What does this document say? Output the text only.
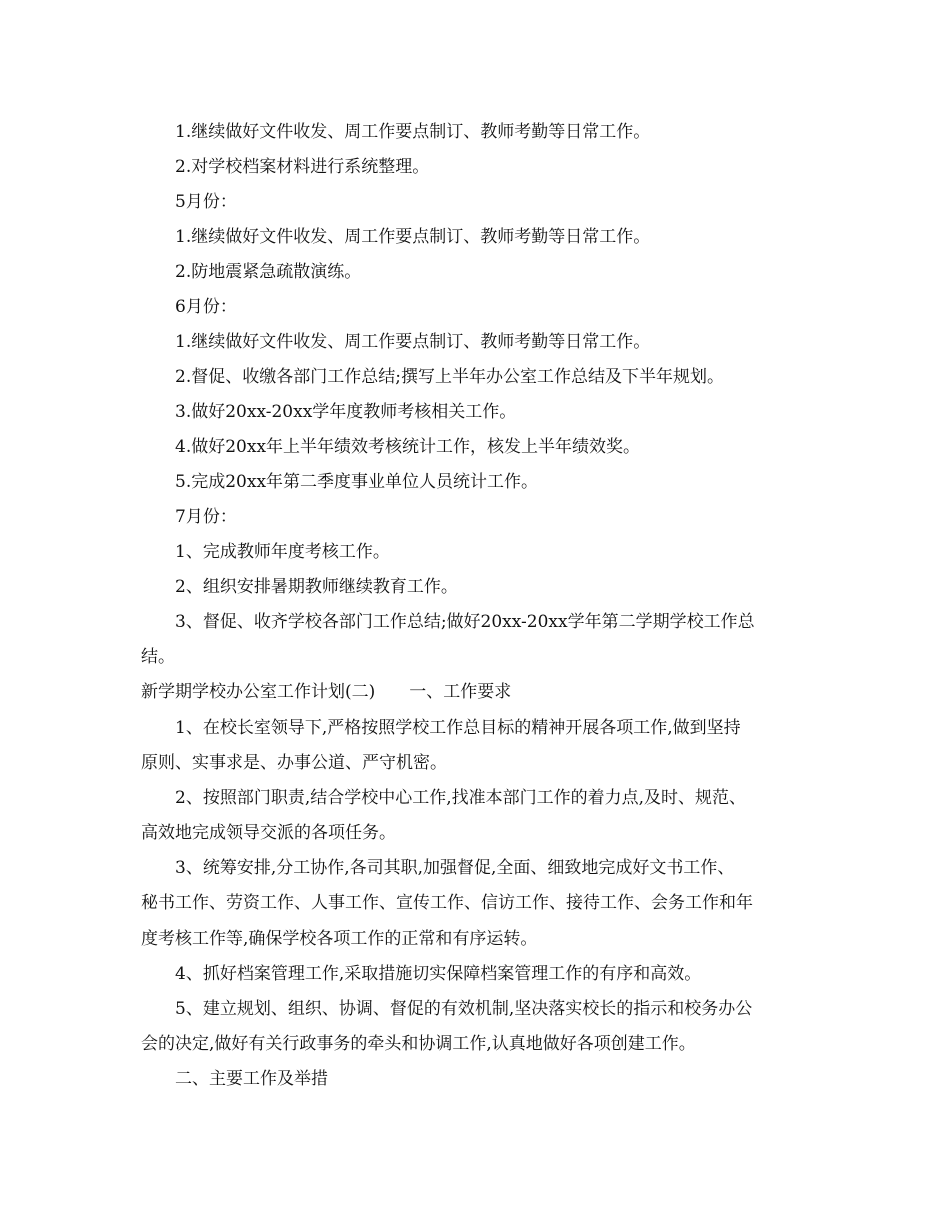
1.继续做好文件收发、周工作要点制订、教师考勤等日常工作。

2.对学校档案材料进行系统整理。

5月份：

1.继续做好文件收发、周工作要点制订、教师考勤等日常工作。

2.防地震紧急疏散演练。

6月份：

1.继续做好文件收发、周工作要点制订、教师考勤等日常工作。

2.督促、收缴各部门工作总结;撰写上半年办公室工作总结及下半年规划。

3.做好20xx-20xx学年度教师考核相关工作。

4.做好20xx年上半年绩效考核统计工作，核发上半年绩效奖。

5.完成20xx年第二季度事业单位人员统计工作。

7月份：

1、完成教师年度考核工作。

2、组织安排暑期教师继续教育工作。

3、督促、收齐学校各部门工作总结;做好20xx-20xx学年第二学期学校工作总

结。

新学期学校办公室工作计划(二)　　一、工作要求

1、在校长室领导下,严格按照学校工作总目标的精神开展各项工作,做到坚持

原则、实事求是、办事公道、严守机密。

2、按照部门职责,结合学校中心工作,找准本部门工作的着力点,及时、规范、

高效地完成领导交派的各项任务。

3、统筹安排,分工协作,各司其职,加强督促,全面、细致地完成好文书工作、

秘书工作、劳资工作、人事工作、宣传工作、信访工作、接待工作、会务工作和年

度考核工作等,确保学校各项工作的正常和有序运转。

4、抓好档案管理工作,采取措施切实保障档案管理工作的有序和高效。

5、建立规划、组织、协调、督促的有效机制,坚决落实校长的指示和校务办公

会的决定,做好有关行政事务的牵头和协调工作,认真地做好各项创建工作。

二、主要工作及举措
